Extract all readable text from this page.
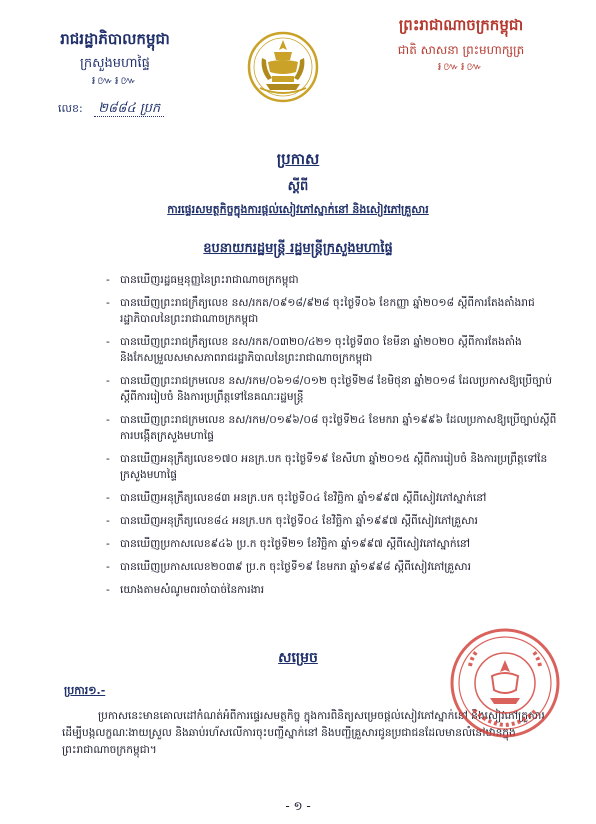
រាជរដ្ឋាភិបាលកម្ពុជា
ក្រសួងមហាផ្ទៃ
៛៚៛៚
លេខ: ២៨៨៤ ប្រក
ព្រះរាជាណាចក្រកម្ពុជា
ជាតិ សាសនា ព្រះមហាក្សត្រ
៛៚៛៚
ប្រកាស
ស្តីពី
ការផ្ទេរសមត្ថកិច្ចក្នុងការផ្តល់សៀវភៅស្នាក់នៅ និងសៀវភៅគ្រួសារ
ឧបនាយករដ្ឋមន្ត្រី រដ្ឋមន្ត្រីក្រសួងមហាផ្ទៃ
- បានឃើញរដ្ឋធម្មនុញ្ញនៃព្រះរាជាណាចក្រកម្ពុជា
- បានឃើញព្រះរាជក្រឹត្យលេខ នស/រកត/០៩១៨/៩២៨ ចុះថ្ងៃទី០៦ ខែកញ្ញា ឆ្នាំ២០១៨ ស្តីពីការតែងតាំងរាជរដ្ឋាភិបាលនៃព្រះរាជាណាចក្រកម្ពុជា
- បានឃើញព្រះរាជក្រឹត្យលេខ នស/រកត/០៣២០/៤២១ ចុះថ្ងៃទី៣០ ខែមីនា ឆ្នាំ២០២០ ស្តីពីការតែងតាំង និងកែសម្រួលសមាសភាពរាជរដ្ឋាភិបាលនៃព្រះរាជាណាចក្រកម្ពុជា
- បានឃើញព្រះរាជក្រមលេខ នស/រកម/០៦១៨/០១២ ចុះថ្ងៃទី២៨ ខែមិថុនា ឆ្នាំ២០១៨ ដែលប្រកាសឱ្យប្រើច្បាប់ស្តីពីការរៀបចំ និងការប្រព្រឹត្តទៅនៃគណៈរដ្ឋមន្ត្រី
- បានឃើញព្រះរាជក្រមលេខ នស/រកម/០១៩៦/០៨ ចុះថ្ងៃទី២៤ ខែមករា ឆ្នាំ១៩៩៦ ដែលប្រកាសឱ្យប្រើច្បាប់ស្តីពីការបង្កើតក្រសួងមហាផ្ទៃ
- បានឃើញអនុក្រឹត្យលេខ១៧០ អនក្រ.បក ចុះថ្ងៃទី១៩ ខែសីហា ឆ្នាំ២០១៥ ស្តីពីការរៀបចំ និងការប្រព្រឹត្តទៅនៃក្រសួងមហាផ្ទៃ
- បានឃើញអនុក្រឹត្យលេខ៨៣ អនក្រ.បក ចុះថ្ងៃទី០៤ ខែវិច្ឆិកា ឆ្នាំ១៩៩៧ ស្តីពីសៀវភៅស្នាក់នៅ
- បានឃើញអនុក្រឹត្យលេខ៨៤ អនក្រ.បក ចុះថ្ងៃទី០៤ ខែវិច្ឆិកា ឆ្នាំ១៩៩៧ ស្តីពីសៀវភៅគ្រួសារ
- បានឃើញប្រកាសលេខ៩៤៦ ប្រ.ក ចុះថ្ងៃទី២១ ខែវិច្ឆិកា ឆ្នាំ១៩៩៧ ស្តីពីសៀវភៅស្នាក់នៅ
- បានឃើញប្រកាសលេខ២០៣៩ ប្រ.ក ចុះថ្ងៃទី១៩ ខែមករា ឆ្នាំ១៩៩៨ ស្តីពីសៀវភៅគ្រួសារ
- យោងតាមសំណូមពរចាំបាច់នៃការងារ
សម្រេច
ប្រការ១.-

ប្រកាសនេះមានគោលដៅកំណត់អំពីការផ្ទេរសមត្ថកិច្ច ក្នុងការពិនិត្យសម្រេចផ្តល់សៀវភៅស្នាក់នៅ និងសៀវភៅគ្រួសារ ដើម្បីបង្កលក្ខណៈងាយស្រួល និងឆាប់រហ័សលើការចុះបញ្ជីស្នាក់នៅ និងបញ្ជីគ្រួសារជូនប្រជាជនដែលមានលំនៅឋានក្នុងព្រះរាជាណាចក្រកម្ពុជា។

- ១ -
